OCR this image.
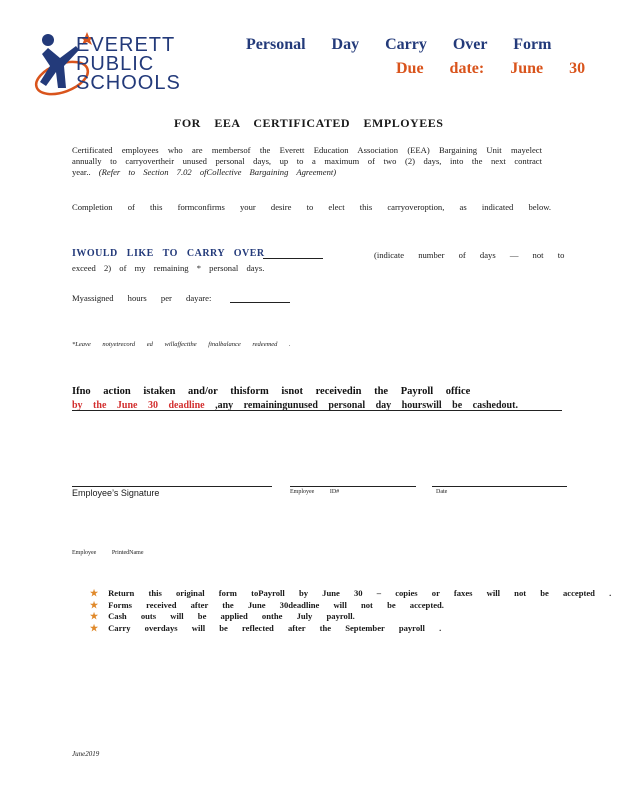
EVERETT
PUBLIC
SCHOOLS
Personal Day Carry Over Form
Due date: June 30
FOR EEA CERTIFICATED EMPLOYEES
Certificated employees who are membersof the Everett Education Association (EEA) Bargaining Unit mayelect annually to carryovertheir unused personal days, up to a maximum of two (2) days, into the next contract year.. (Refer to Section 7.02 ofCollective Bargaining Agreement)
Completion of this formconfirms your desire to elect this carryoveroption, as indicated below.
IWOULD LIKE TO CARRY OVER	(indicate number of days — not to
exceed 2) of my remaining * personal days.
Myassigned hours per dayare:
*Leave notyetrecord ed willaffectthe finalbalance redeemed .
Ifno action istaken and/or thisform isnot receivedin the Payroll office
by the June 30 deadline ,any remainingunused personal day hourswill be cashedout.
Employee’s Signature	Employee ID#	Date
Employee PrintedName
★ Return this original form toPayroll by June 30 – copies or faxes will not be accepted .
★ Forms received after the June 30deadline will not be accepted.
★ Cash outs will be applied onthe July payroll.
★ Carry overdays will be reflected after the September payroll .
June2019
